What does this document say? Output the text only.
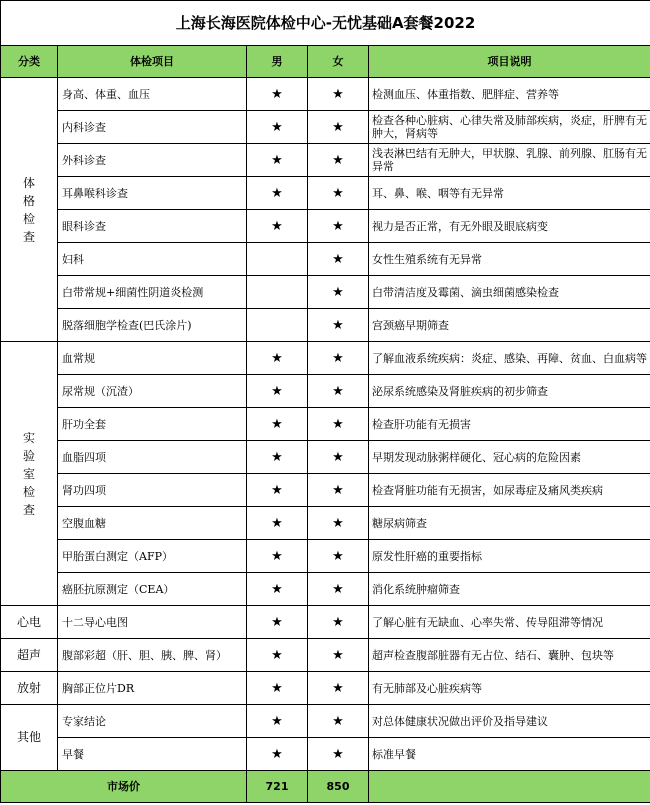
上海长海医院体检中心-无忧基础A套餐2022				
分类	体检项目	男	女	项目说明

体
格
检
查	身高、体重、血压	★	★	检测血压、体重指数、肥胖症、营养等
	内科诊查	★	★	检查各种心脏病、心律失常及肺部疾病，炎症，肝脾有无肿大，肾病等
	外科诊查	★	★	浅表淋巴结有无肿大，甲状腺、乳腺、前列腺、肛肠有无异常
	耳鼻喉科诊查	★	★	耳、鼻、喉、咽等有无异常
	眼科诊查	★	★	视力是否正常，有无外眼及眼底病变
	妇科		★	女性生殖系统有无异常
	白带常规+细菌性阴道炎检测		★	白带清洁度及霉菌、滴虫细菌感染检查
	脱落细胞学检查(巴氏涂片)		★	宫颈癌早期筛查

实
验
室
检
查	血常规	★	★	了解血液系统疾病：炎症、感染、再障、贫血、白血病等
	尿常规（沉渣）	★	★	泌尿系统感染及肾脏疾病的初步筛查
	肝功全套	★	★	检查肝功能有无损害
	血脂四项	★	★	早期发现动脉粥样硬化、冠心病的危险因素
	肾功四项	★	★	检查肾脏功能有无损害，如尿毒症及痛风类疾病
	空腹血糖	★	★	糖尿病筛查
	甲胎蛋白测定（AFP）	★	★	原发性肝癌的重要指标
	癌胚抗原测定（CEA）	★	★	消化系统肿瘤筛查
心电	十二导心电图	★	★	了解心脏有无缺血、心率失常、传导阻滞等情况
超声	腹部彩超（肝、胆、胰、脾、肾）	★	★	超声检查腹部脏器有无占位、结石、囊肿、包块等
放射	胸部正位片DR	★	★	有无肺部及心脏疾病等
其他	专家结论	★	★	对总体健康状况做出评价及指导建议
	早餐	★	★	标准早餐
市场价		721	850	
